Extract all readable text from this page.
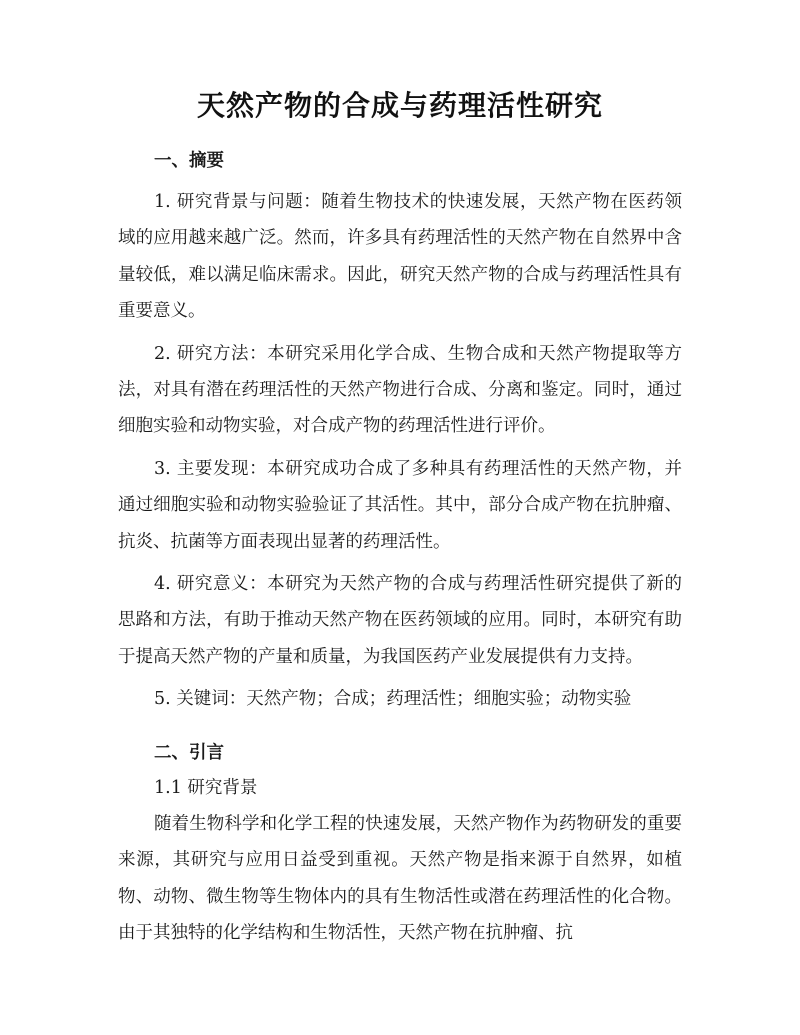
天然产物的合成与药理活性研究
一、摘要

1. 研究背景与问题：随着生物技术的快速发展，天然产物在医药领域的应用越来越广泛。然而，许多具有药理活性的天然产物在自然界中含量较低，难以满足临床需求。因此，研究天然产物的合成与药理活性具有重要意义。

2. 研究方法：本研究采用化学合成、生物合成和天然产物提取等方法，对具有潜在药理活性的天然产物进行合成、分离和鉴定。同时，通过细胞实验和动物实验，对合成产物的药理活性进行评价。

3. 主要发现：本研究成功合成了多种具有药理活性的天然产物，并通过细胞实验和动物实验验证了其活性。其中，部分合成产物在抗肿瘤、抗炎、抗菌等方面表现出显著的药理活性。

4. 研究意义：本研究为天然产物的合成与药理活性研究提供了新的思路和方法，有助于推动天然产物在医药领域的应用。同时，本研究有助于提高天然产物的产量和质量，为我国医药产业发展提供有力支持。

5. 关键词：天然产物；合成；药理活性；细胞实验；动物实验

二、引言

1.1 研究背景

随着生物科学和化学工程的快速发展，天然产物作为药物研发的重要来源，其研究与应用日益受到重视。天然产物是指来源于自然界，如植物、动物、微生物等生物体内的具有生物活性或潜在药理活性的化合物。由于其独特的化学结构和生物活性，天然产物在抗肿瘤、抗
